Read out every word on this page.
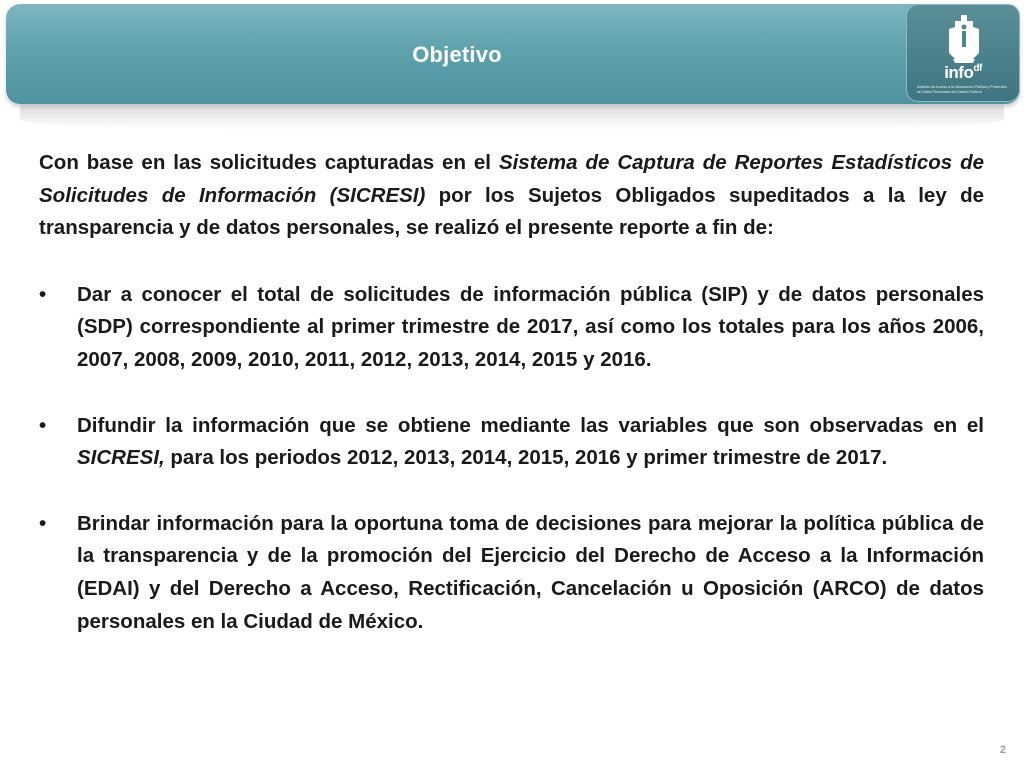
Objetivo
info$^{df}$
Instituto de Acceso a la Información Pública y Protección de Datos Personales del Distrito Federal

Con base en las solicitudes capturadas en el Sistema de Captura de Reportes Estadísticos de Solicitudes de Información (SICRESI) por los Sujetos Obligados supeditados a la ley de transparencia y de datos personales, se realizó el presente reporte a fin de:

•	Dar a conocer el total de solicitudes de información pública (SIP) y de datos personales (SDP) correspondiente al primer trimestre de 2017, así como los totales para los años 2006, 2007, 2008, 2009, 2010, 2011, 2012, 2013, 2014, 2015 y 2016.
•	Difundir la información que se obtiene mediante las variables que son observadas en el SICRESI, para los periodos 2012, 2013, 2014, 2015, 2016 y primer trimestre de 2017.
•	Brindar información para la oportuna toma de decisiones para mejorar la política pública de la transparencia y de la promoción del Ejercicio del Derecho de Acceso a la Información (EDAI) y del Derecho a Acceso, Rectificación, Cancelación u Oposición (ARCO) de datos personales en la Ciudad de México.
2
